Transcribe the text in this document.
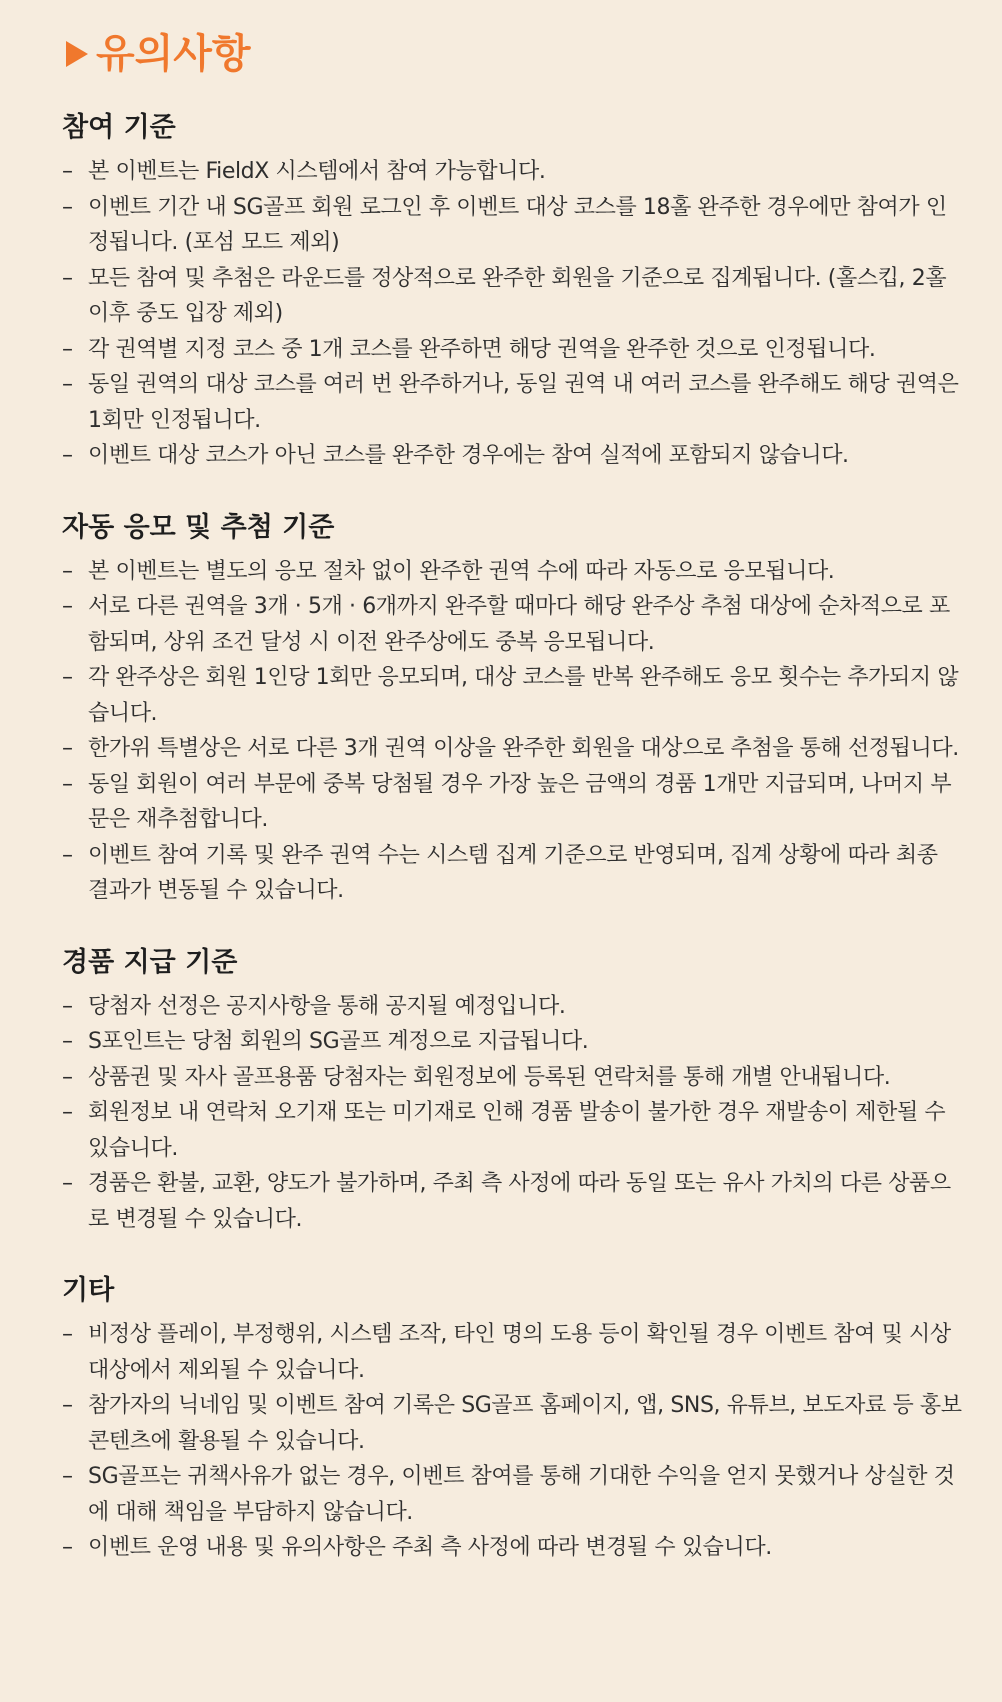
유의사항
참여 기준
– 본 이벤트는 FieldX 시스템에서 참여 가능합니다.
– 이벤트 기간 내 SG골프 회원 로그인 후 이벤트 대상 코스를 18홀 완주한 경우에만 참여가 인정됩니다. (포섬 모드 제외)
– 모든 참여 및 추첨은 라운드를 정상적으로 완주한 회원을 기준으로 집계됩니다. (홀스킵, 2홀 이후 중도 입장 제외)
– 각 권역별 지정 코스 중 1개 코스를 완주하면 해당 권역을 완주한 것으로 인정됩니다.
– 동일 권역의 대상 코스를 여러 번 완주하거나, 동일 권역 내 여러 코스를 완주해도 해당 권역은 1회만 인정됩니다.
– 이벤트 대상 코스가 아닌 코스를 완주한 경우에는 참여 실적에 포함되지 않습니다.
자동 응모 및 추첨 기준
– 본 이벤트는 별도의 응모 절차 없이 완주한 권역 수에 따라 자동으로 응모됩니다.
– 서로 다른 권역을 3개 · 5개 · 6개까지 완주할 때마다 해당 완주상 추첨 대상에 순차적으로 포함되며, 상위 조건 달성 시 이전 완주상에도 중복 응모됩니다.
– 각 완주상은 회원 1인당 1회만 응모되며, 대상 코스를 반복 완주해도 응모 횟수는 추가되지 않습니다.
– 한가위 특별상은 서로 다른 3개 권역 이상을 완주한 회원을 대상으로 추첨을 통해 선정됩니다.
– 동일 회원이 여러 부문에 중복 당첨될 경우 가장 높은 금액의 경품 1개만 지급되며, 나머지 부문은 재추첨합니다.
– 이벤트 참여 기록 및 완주 권역 수는 시스템 집계 기준으로 반영되며, 집계 상황에 따라 최종 결과가 변동될 수 있습니다.
경품 지급 기준
– 당첨자 선정은 공지사항을 통해 공지될 예정입니다.
– S포인트는 당첨 회원의 SG골프 계정으로 지급됩니다.
– 상품권 및 자사 골프용품 당첨자는 회원정보에 등록된 연락처를 통해 개별 안내됩니다.
– 회원정보 내 연락처 오기재 또는 미기재로 인해 경품 발송이 불가한 경우 재발송이 제한될 수 있습니다.
– 경품은 환불, 교환, 양도가 불가하며, 주최 측 사정에 따라 동일 또는 유사 가치의 다른 상품으로 변경될 수 있습니다.
기타
– 비정상 플레이, 부정행위, 시스템 조작, 타인 명의 도용 등이 확인될 경우 이벤트 참여 및 시상 대상에서 제외될 수 있습니다.
– 참가자의 닉네임 및 이벤트 참여 기록은 SG골프 홈페이지, 앱, SNS, 유튜브, 보도자료 등 홍보 콘텐츠에 활용될 수 있습니다.
– SG골프는 귀책사유가 없는 경우, 이벤트 참여를 통해 기대한 수익을 얻지 못했거나 상실한 것에 대해 책임을 부담하지 않습니다.
– 이벤트 운영 내용 및 유의사항은 주최 측 사정에 따라 변경될 수 있습니다.
